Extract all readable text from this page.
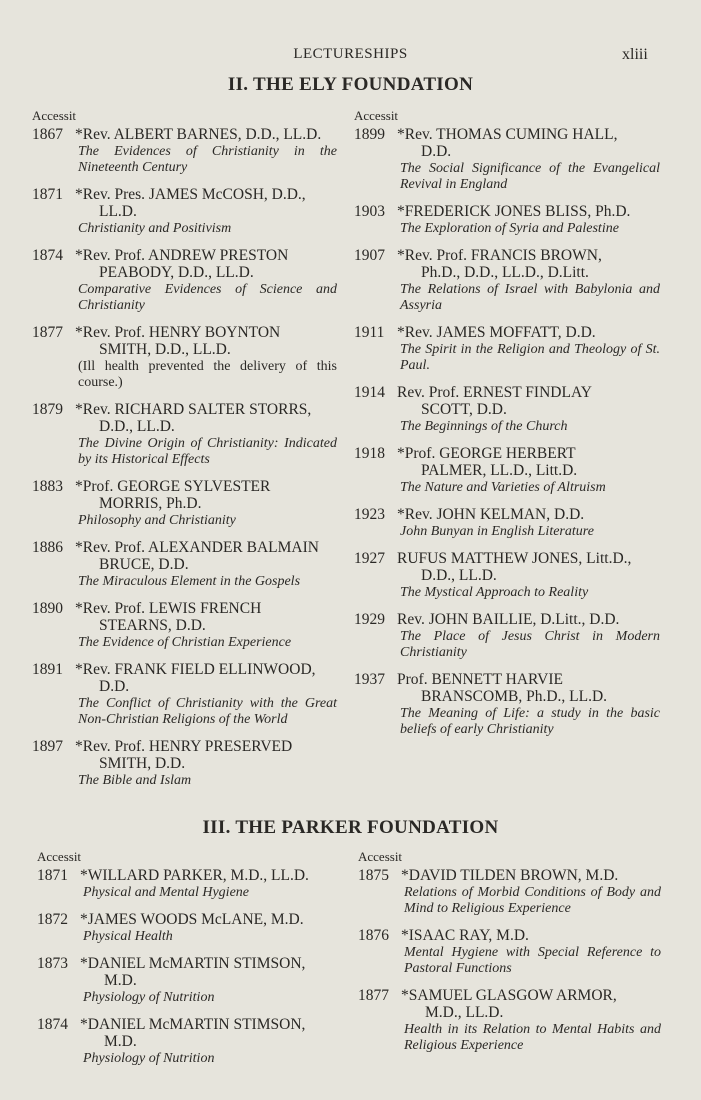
LECTURESHIPS	xliii
II. THE ELY FOUNDATION
Accessit
1867 *Rev. ALBERT BARNES, D.D., LL.D.
The Evidences of Christianity in the Nineteenth Century
1871 *Rev. Pres. JAMES McCOSH, D.D.,
LL.D.
Christianity and Positivism
1874 *Rev. Prof. ANDREW PRESTON
PEABODY, D.D., LL.D.
Comparative Evidences of Science and Christianity
1877 *Rev. Prof. HENRY BOYNTON
SMITH, D.D., LL.D.
(Ill health prevented the delivery of this course.)
1879 *Rev. RICHARD SALTER STORRS,
D.D., LL.D.
The Divine Origin of Christianity: Indicated by its Historical Effects
1883 *Prof. GEORGE SYLVESTER
MORRIS, Ph.D.
Philosophy and Christianity
1886 *Rev. Prof. ALEXANDER BALMAIN
BRUCE, D.D.
The Miraculous Element in the Gospels
1890 *Rev. Prof. LEWIS FRENCH
STEARNS, D.D.
The Evidence of Christian Experience
1891 *Rev. FRANK FIELD ELLINWOOD,
D.D.
The Conflict of Christianity with the Great Non-Christian Religions of the World
1897 *Rev. Prof. HENRY PRESERVED
SMITH, D.D.
The Bible and Islam
Accessit
1899 *Rev. THOMAS CUMING HALL,
D.D.
The Social Significance of the Evangelical Revival in England
1903 *FREDERICK JONES BLISS, Ph.D.
The Exploration of Syria and Palestine
1907 *Rev. Prof. FRANCIS BROWN,
Ph.D., D.D., LL.D., D.Litt.
The Relations of Israel with Babylonia and Assyria
1911 *Rev. JAMES MOFFATT, D.D.
The Spirit in the Religion and Theology of St. Paul.
1914 Rev. Prof. ERNEST FINDLAY
SCOTT, D.D.
The Beginnings of the Church
1918 *Prof. GEORGE HERBERT
PALMER, LL.D., Litt.D.
The Nature and Varieties of Altruism
1923 *Rev. JOHN KELMAN, D.D.
John Bunyan in English Literature
1927 RUFUS MATTHEW JONES, Litt.D.,
D.D., LL.D.
The Mystical Approach to Reality
1929 Rev. JOHN BAILLIE, D.Litt., D.D.
The Place of Jesus Christ in Modern Christianity
1937 Prof. BENNETT HARVIE
BRANSCOMB, Ph.D., LL.D.
The Meaning of Life: a study in the basic beliefs of early Christianity
III. THE PARKER FOUNDATION
Accessit
1871 *WILLARD PARKER, M.D., LL.D.
Physical and Mental Hygiene
1872 *JAMES WOODS McLANE, M.D.
Physical Health
1873 *DANIEL McMARTIN STIMSON,
M.D.
Physiology of Nutrition
1874 *DANIEL McMARTIN STIMSON,
M.D.
Physiology of Nutrition
Accessit
1875 *DAVID TILDEN BROWN, M.D.
Relations of Morbid Conditions of Body and Mind to Religious Experience
1876 *ISAAC RAY, M.D.
Mental Hygiene with Special Reference to Pastoral Functions
1877 *SAMUEL GLASGOW ARMOR,
M.D., LL.D.
Health in its Relation to Mental Habits and Religious Experience
